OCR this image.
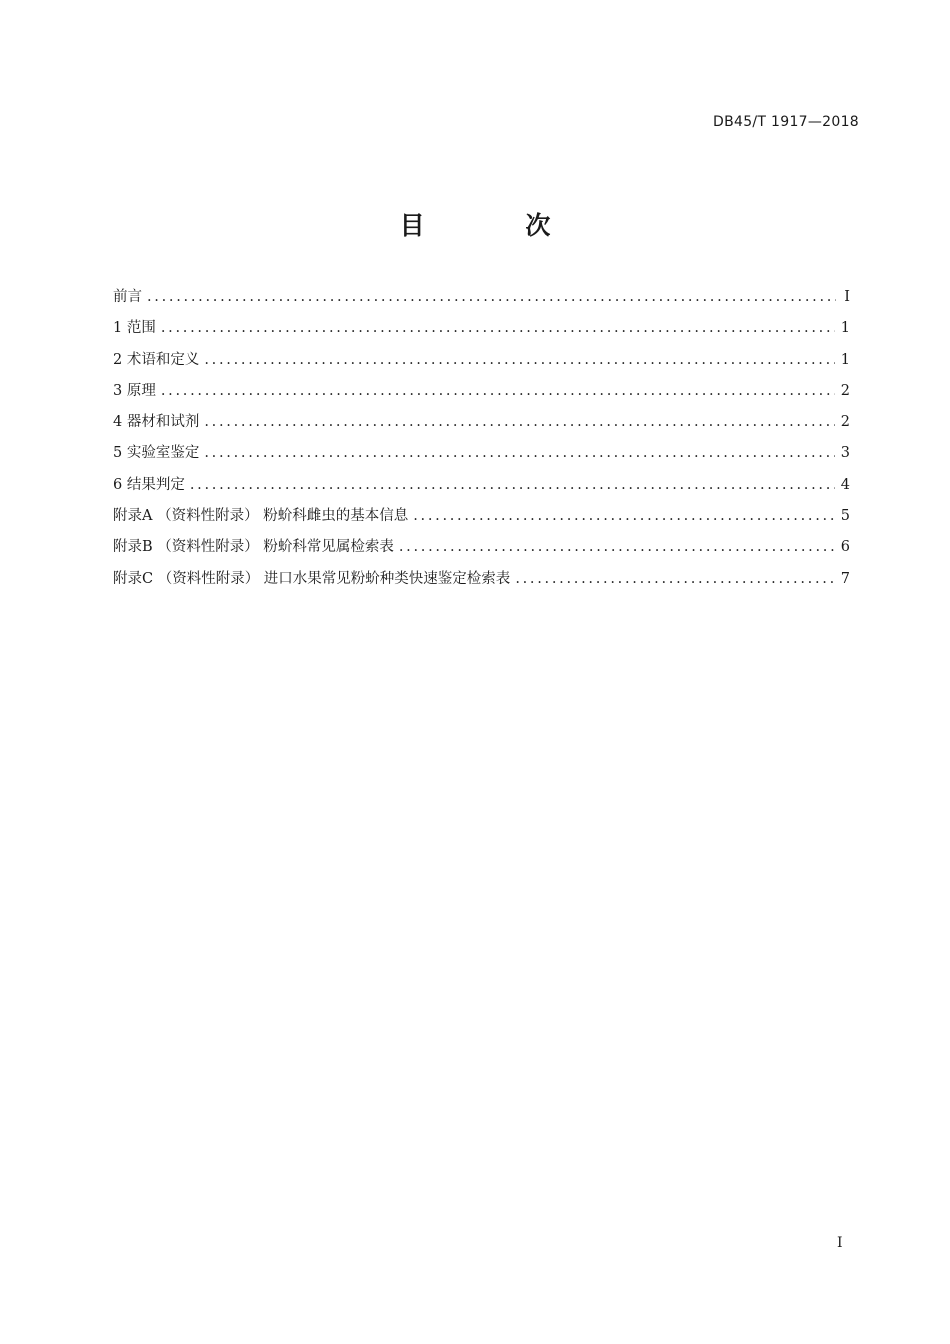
DB45/T 1917—2018
目 次
前言 .....	I
1 范围 .....	1
2 术语和定义 .....	1
3 原理 .....	2
4 器材和试剂 .....	2
5 实验室鉴定 .....	3
6 结果判定 .....	4
附录A （资料性附录） 粉蚧科雌虫的基本信息 .....	5
附录B （资料性附录） 粉蚧科常见属检索表 .....	6
附录C （资料性附录） 进口水果常见粉蚧种类快速鉴定检索表 .....	7
I
